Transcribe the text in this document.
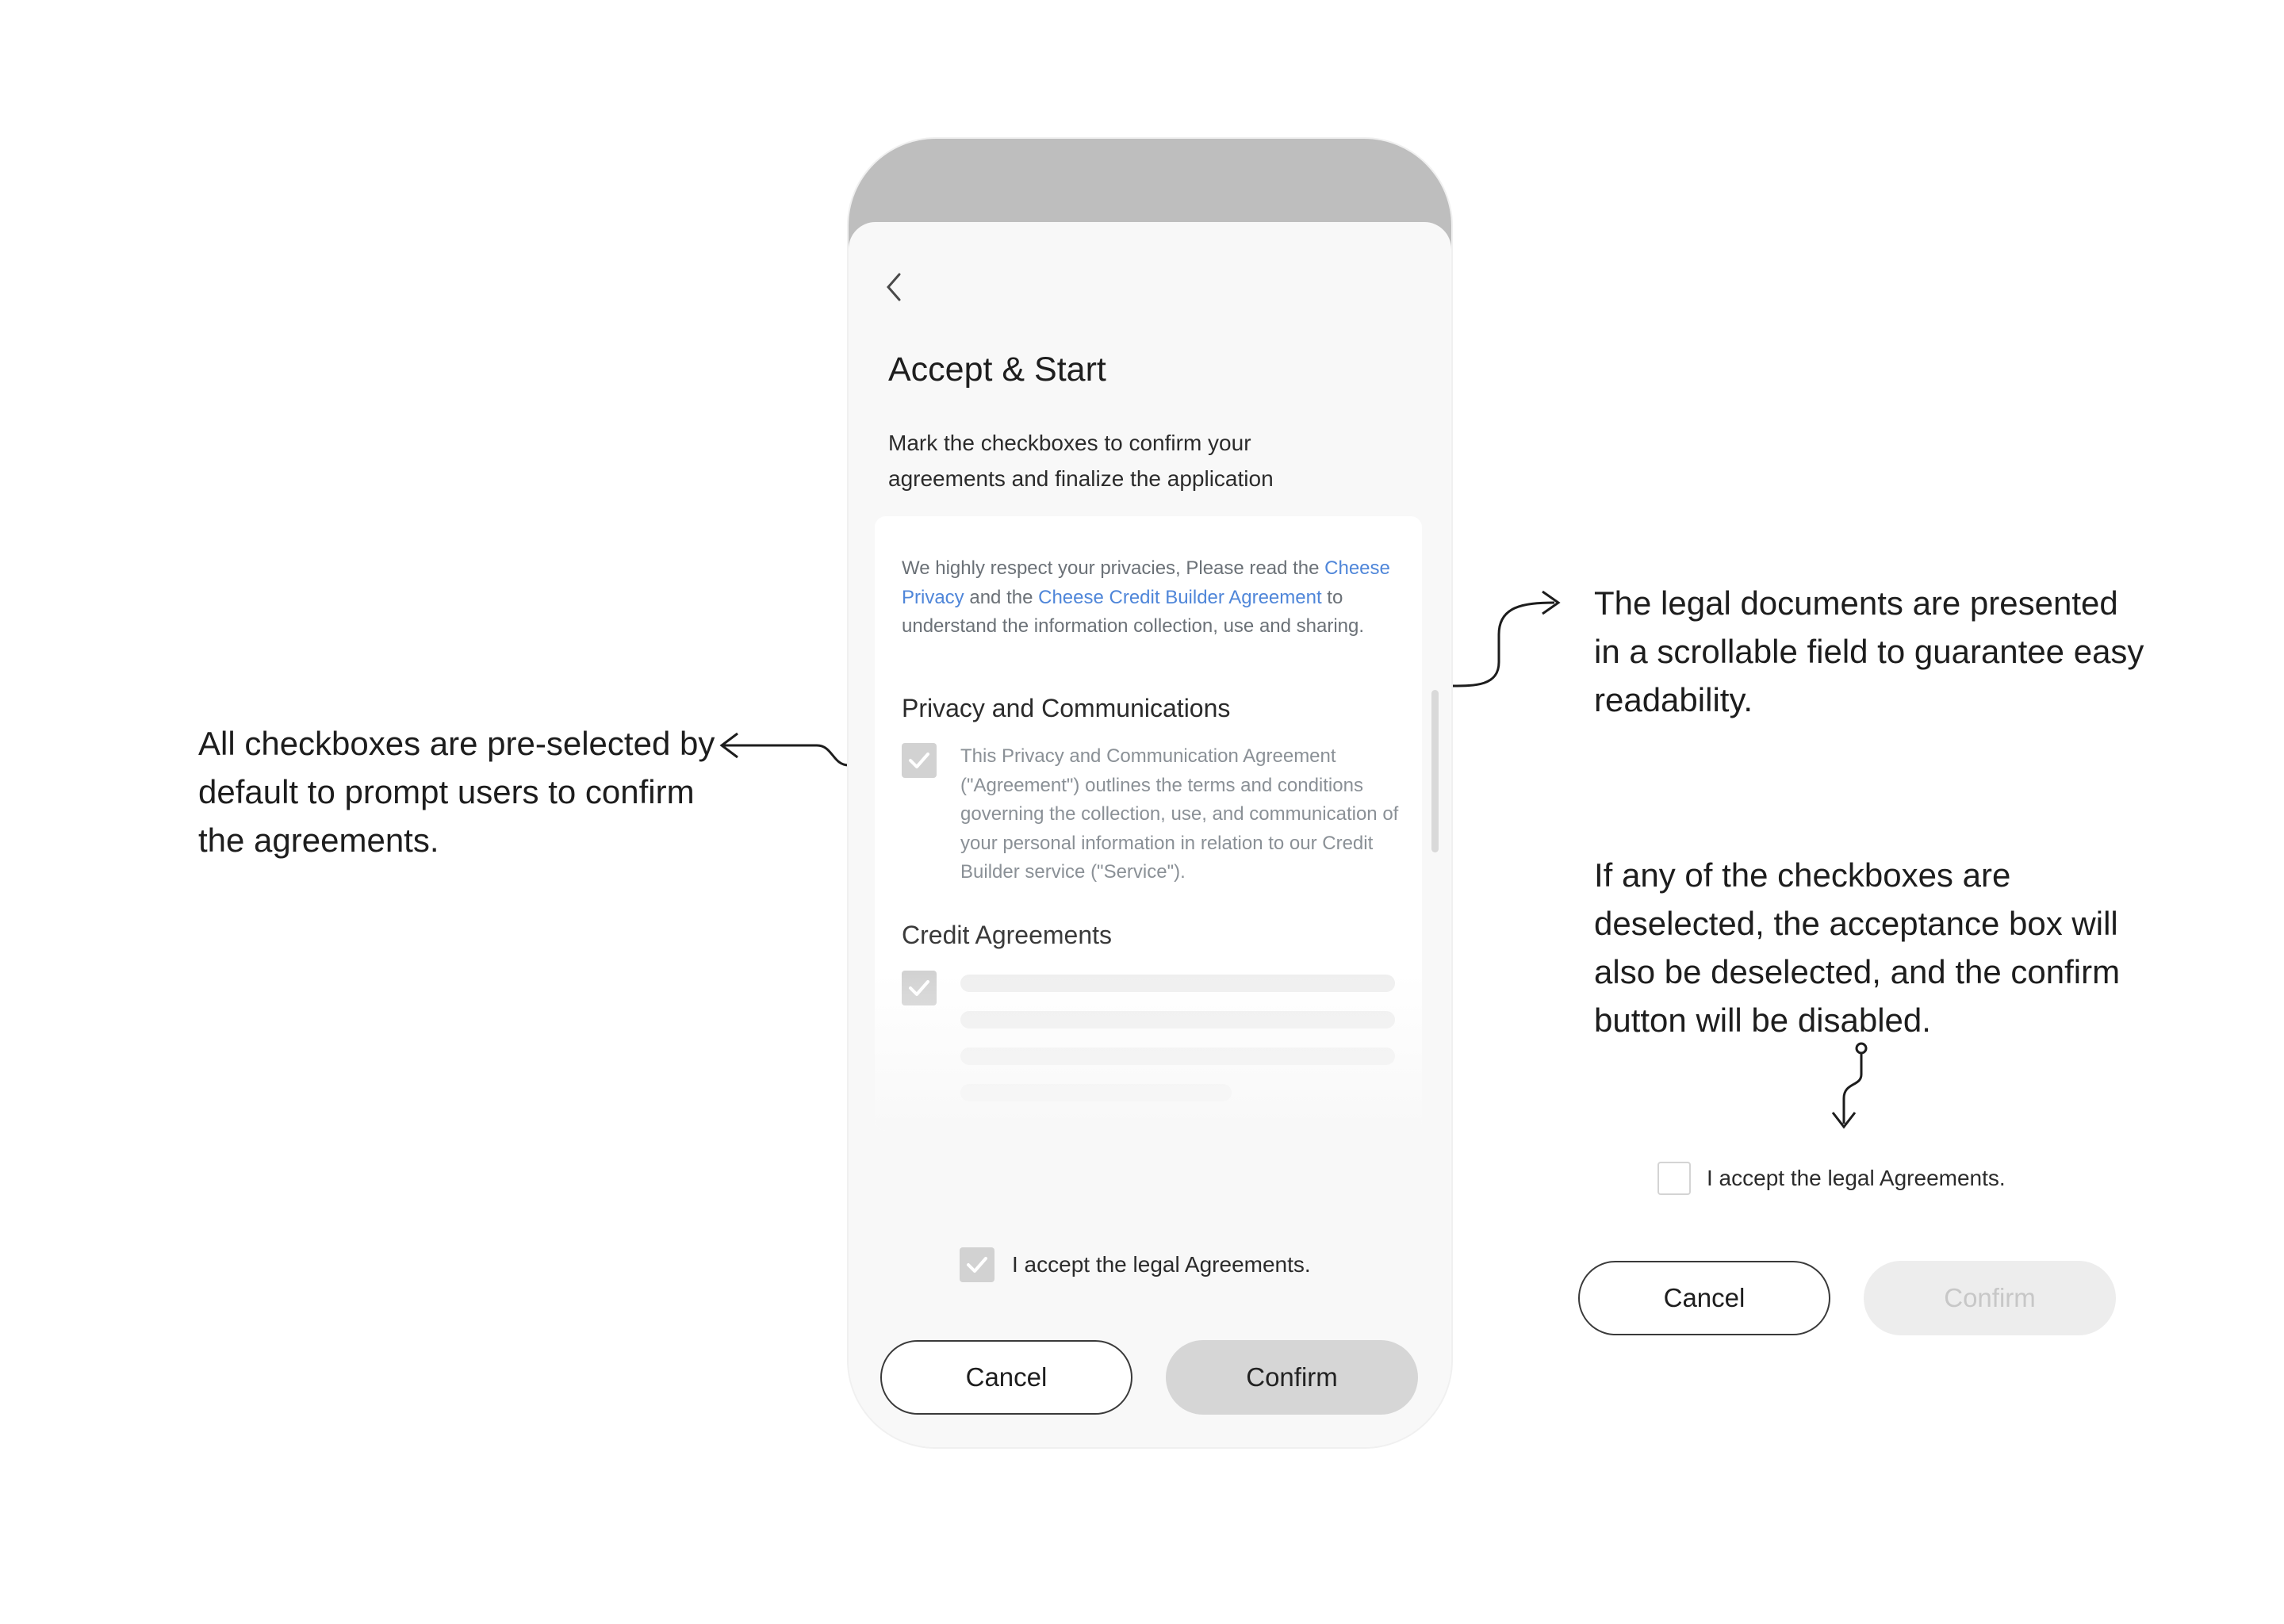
All checkboxes are pre-selected by default to prompt users to confirm the agreements.
The legal documents are presented in a scrollable field to guarantee easy readability.
If any of the checkboxes are deselected, the acceptance box will also be deselected, and the confirm button will be disabled.
Accept & Start
Mark the checkboxes to confirm your agreements and finalize the application
We highly respect your privacies, Please read the Cheese Privacy and the Cheese Credit Builder Agreement to understand the information collection, use and sharing.
Privacy and Communications
This Privacy and Communication Agreement ("Agreement") outlines the terms and conditions governing the collection, use, and communication of your personal information in relation to our Credit Builder service ("Service").
Credit Agreements
I accept the legal Agreements.
Cancel	Confirm
I accept the legal Agreements.
Cancel	Confirm
